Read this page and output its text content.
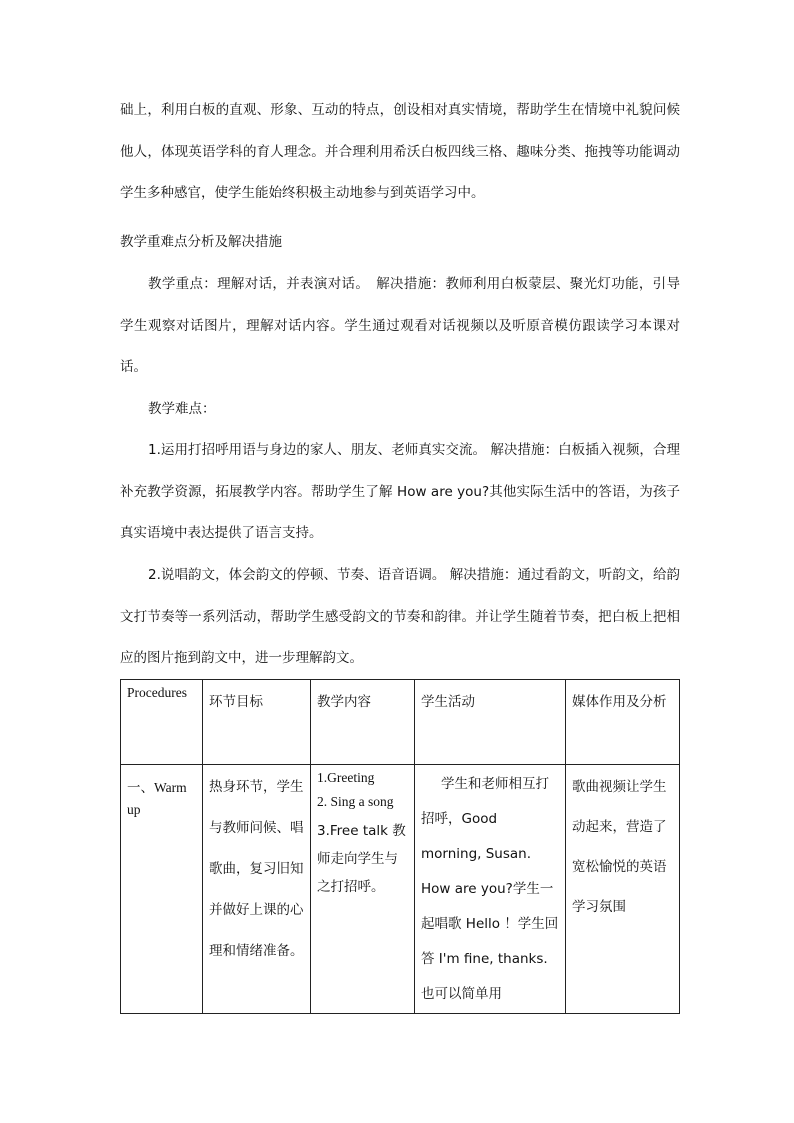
础上，利用白板的直观、形象、互动的特点，创设相对真实情境，帮助学生在情境中礼貌问候他人，体现英语学科的育人理念。并合理利用希沃白板四线三格、趣味分类、拖拽等功能调动学生多种感官，使学生能始终积极主动地参与到英语学习中。

教学重难点分析及解决措施

教学重点：理解对话，并表演对话。　解决措施：教师利用白板蒙层、聚光灯功能，引导学生观察对话图片，理解对话内容。学生通过观看对话视频以及听原音模仿跟读学习本课对话。

教学难点：

1.运用打招呼用语与身边的家人、朋友、老师真实交流。 解决措施：白板插入视频，合理补充教学资源，拓展教学内容。帮助学生了解 How are you?其他实际生活中的答语，为孩子真实语境中表达提供了语言支持。

2.说唱韵文，体会韵文的停顿、节奏、语音语调。 解决措施：通过看韵文，听韵文，给韵文打节奏等一系列活动，帮助学生感受韵文的节奏和韵律。并让学生随着节奏，把白板上把相应的图片拖到韵文中，进一步理解韵文。

Procedures	环节目标	教学内容	学生活动	媒体作用及分析

一、Warm up	热身环节，学生与教师问候、唱歌曲，复习旧知并做好上课的心理和情绪准备。	1.Greeting
2. Sing a song
3.Free talk 教师走向学生与之打招呼。	学生和老师相互打招呼，Good morning, Susan. How are you?学生一起唱歌 Hello ！学生回答 I'm fine, thanks.也可以简单用	歌曲视频让学生动起来，营造了宽松愉悦的英语学习氛围
